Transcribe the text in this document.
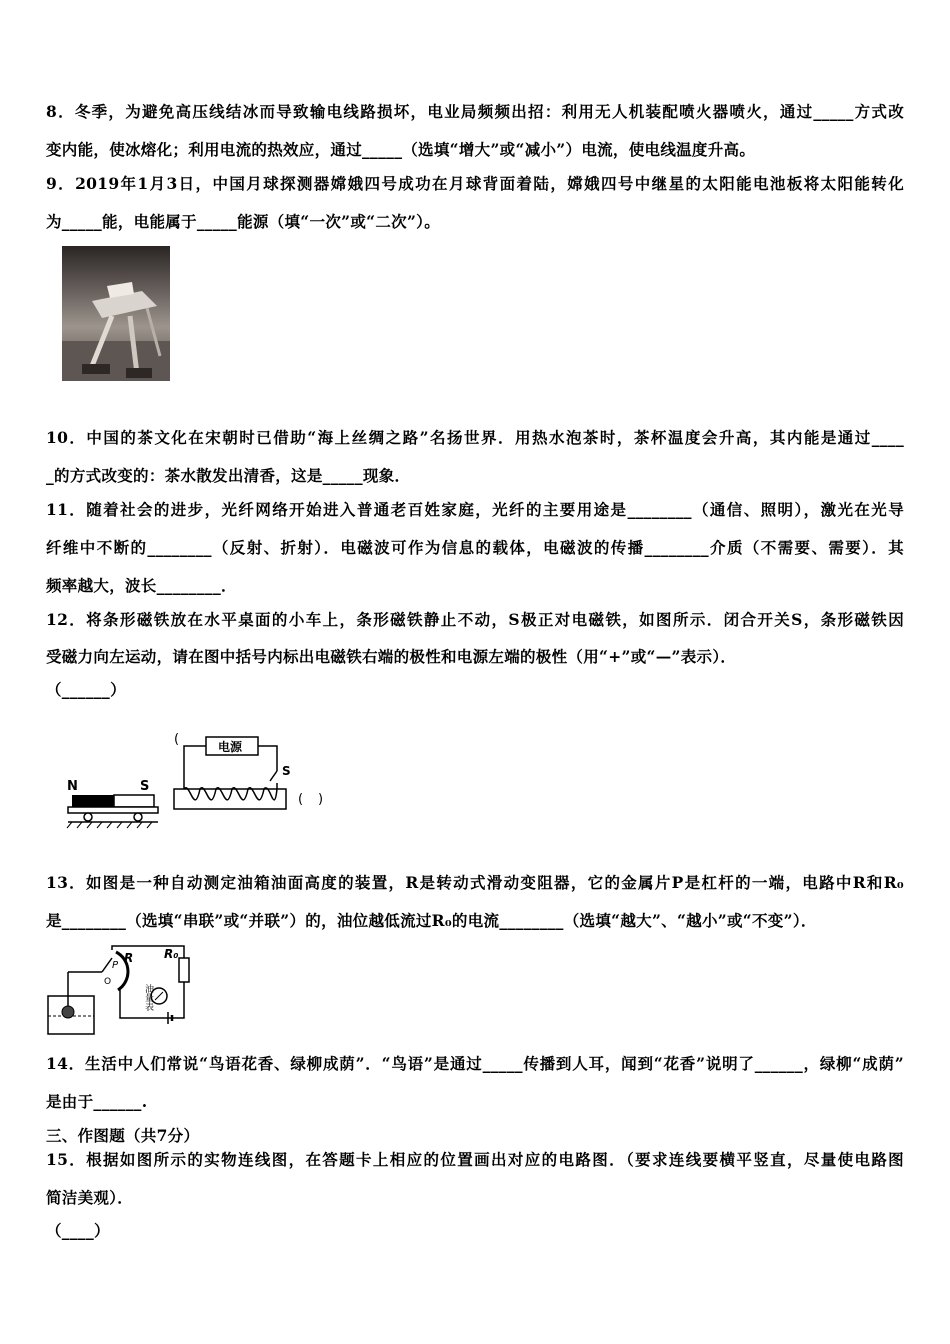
8．冬季，为避免高压线结冰而导致输电线路损坏，电业局频频出招：利用无人机装配喷火器喷火，通过_____方式改
变内能，使冰熔化；利用电流的热效应，通过_____（选填“增大”或“减小”）电流，使电线温度升高。
9．2019年1月3日，中国月球探测器嫦娥四号成功在月球背面着陆，嫦娥四号中继星的太阳能电池板将太阳能转化
为_____能，电能属于_____能源（填“一次”或“二次”）。
10．中国的茶文化在宋朝时已借助“海上丝绸之路”名扬世界．用热水泡茶时，茶杯温度会升高，其内能是通过____
_的方式改变的：茶水散发出清香，这是_____现象．
11．随着社会的进步，光纤网络开始进入普通老百姓家庭，光纤的主要用途是________（通信、照明），激光在光导
纤维中不断的________（反射、折射）．电磁波可作为信息的载体，电磁波的传播________介质（不需要、需要）．其
频率越大，波长________．
12．将条形磁铁放在水平桌面的小车上，条形磁铁静止不动，S极正对电磁铁，如图所示．闭合开关S，条形磁铁因
受磁力向左运动，请在图中括号内标出电磁铁右端的极性和电源左端的极性（用“+”或“—”表示）．
（______）
N	S
(	电源
S
( )
13．如图是一种自动测定油箱油面高度的装置，R是转动式滑动变阻器，它的金属片P是杠杆的一端，电路中R和R₀
是________（选填“串联”或“并联”）的，油位越低流过R₀的电流________（选填“越大”、“越小”或“不变”）．
O
P
R	R₀
油量表
14．生活中人们常说“鸟语花香、绿柳成荫”．“鸟语”是通过_____传播到人耳，闻到“花香”说明了______，绿柳“成荫”
是由于______.
三、作图题（共7分）
15．根据如图所示的实物连线图，在答题卡上相应的位置画出对应的电路图．（要求连线要横平竖直，尽量使电路图
简洁美观）．
（____）
